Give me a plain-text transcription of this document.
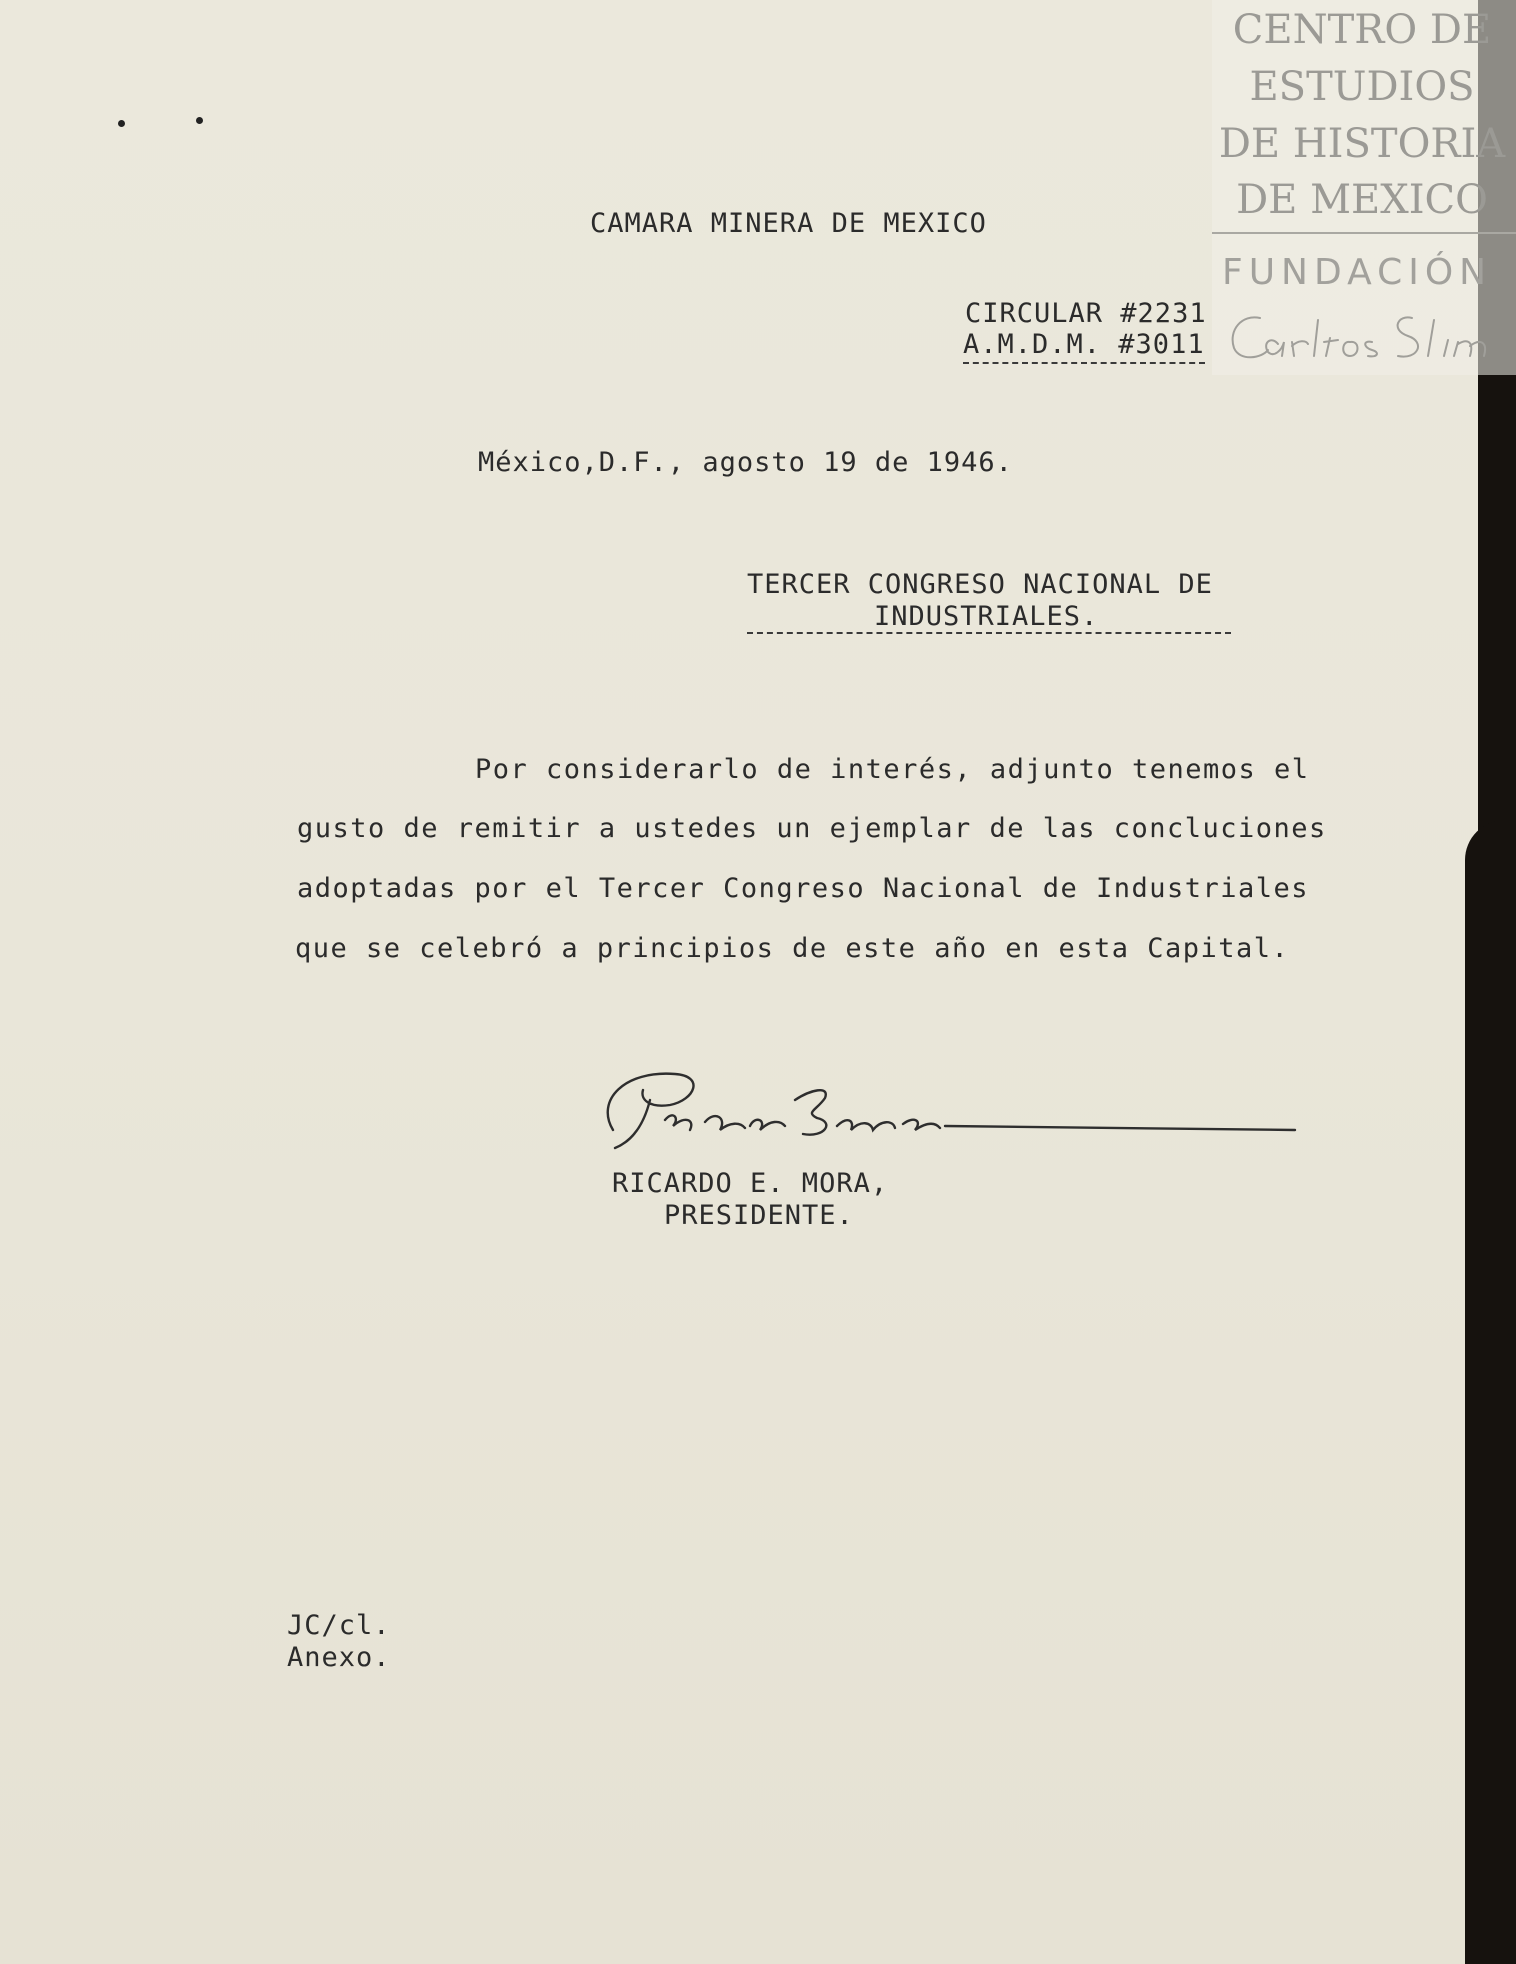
CAMARA MINERA DE MEXICO
CIRCULAR #2231
A.M.D.M. #3011
México,D.F., agosto 19 de 1946.
TERCER CONGRESO NACIONAL DE
INDUSTRIALES.
Por considerarlo de interés, adjunto tenemos el
gusto de remitir a ustedes un ejemplar de las concluciones
adoptadas por el Tercer Congreso Nacional de Industriales
que se celebró a principios de este año en esta Capital.
RICARDO E. MORA,
PRESIDENTE.
JC/cl.
Anexo.
CENTRO DE
ESTUDIOS
DE HISTORIA
DE MEXICO
FUNDACIÓN
